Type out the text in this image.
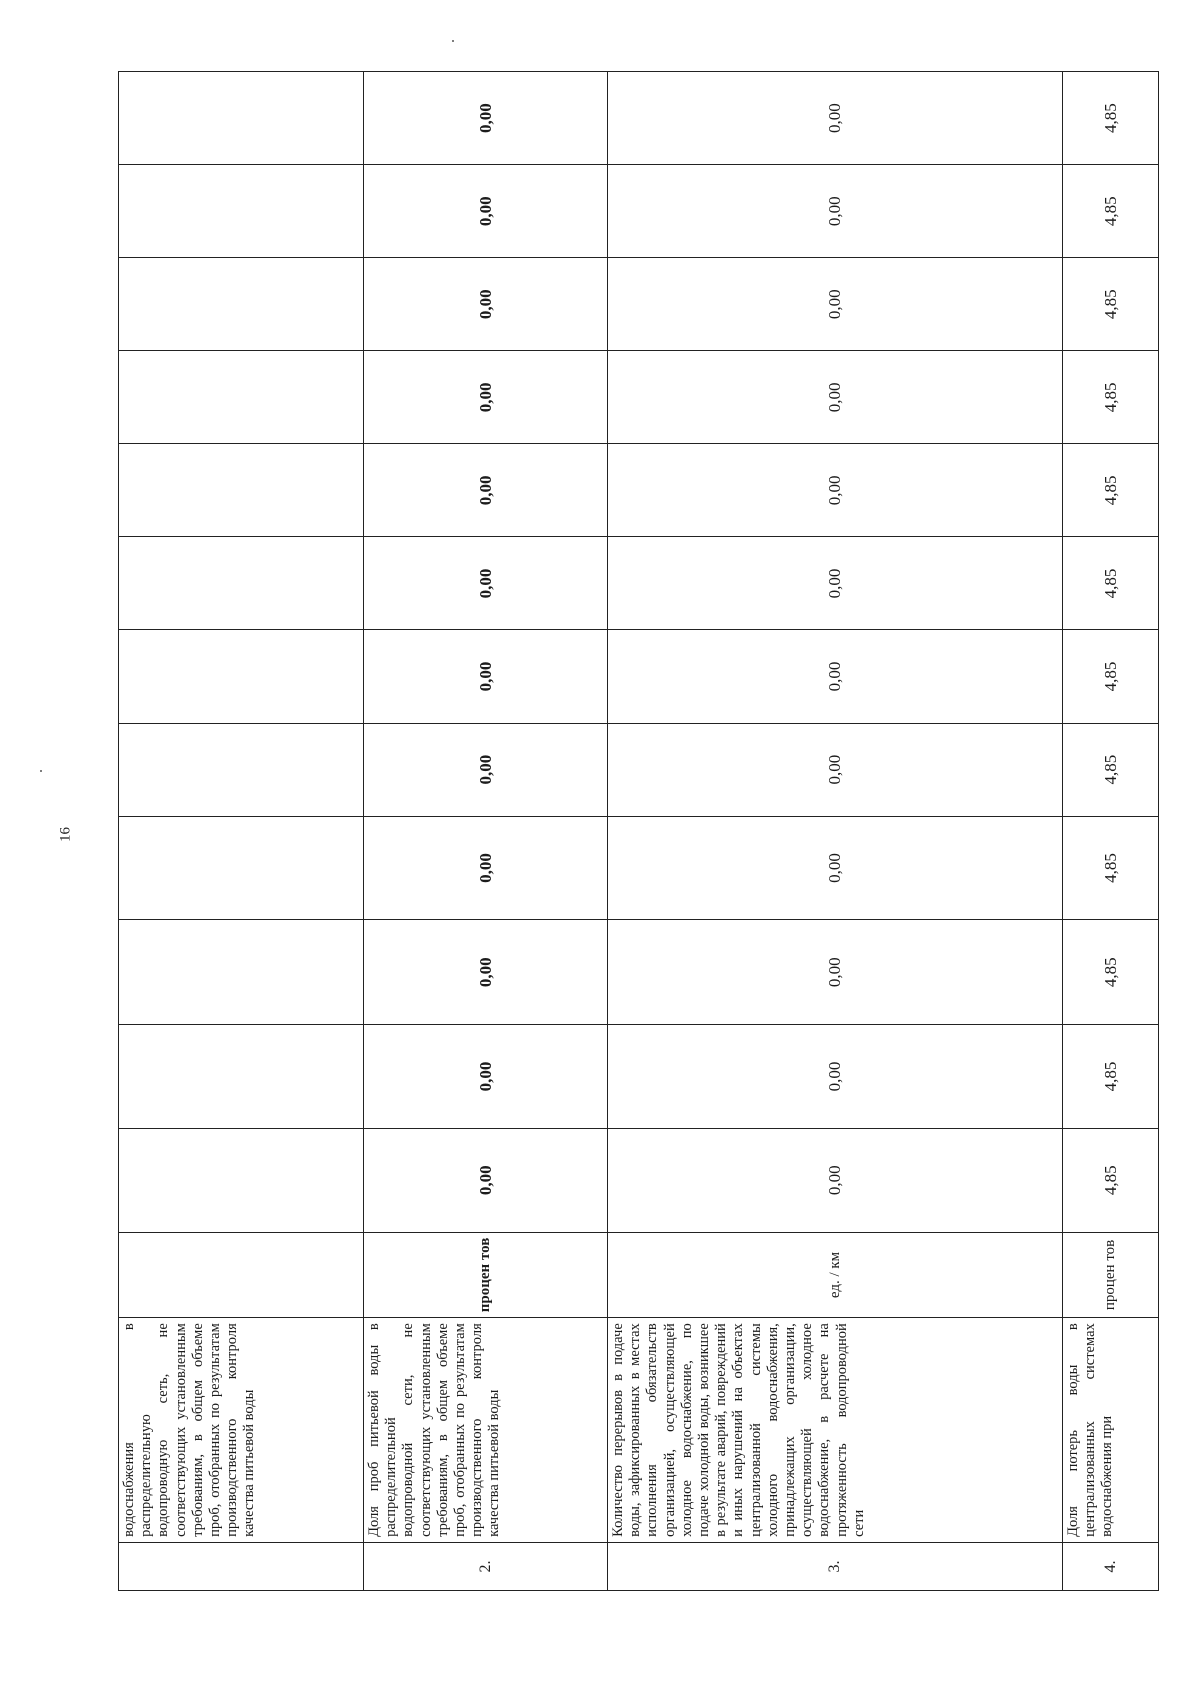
16
	водоснабжения в распределительную водопроводную сеть, не соответствующих установленным требованиям, в общем объеме проб, отобранных по результатам производственного контроля качества питьевой воды													
2.	Доля проб питьевой воды в распределительной водопроводной сети, не соответствующих установленным требованиям, в общем объеме проб, отобранных по результатам производственного контроля качества питьевой воды	процен тов	0,00	0,00	0,00	0,00	0,00	0,00	0,00	0,00	0,00	0,00	0,00	0,00
3.	Количество перерывов в подаче воды, зафиксированных в местах исполнения обязательств организацией, осуществляющей холодное водоснабжение, по подаче холодной воды, возникшее в результате аварий, повреждений и иных нарушений на объектах централизованной системы холодного водоснабжения, принадлежащих организации, осуществляющей холодное водоснабжение, в расчете на протяженность водопроводной сети	ед. / км	0,00	0,00	0,00	0,00	0,00	0,00	0,00	0,00	0,00	0,00	0,00	0,00
4.	Доля потерь воды в централизованных системах водоснабжения при	процен тов	4,85	4,85	4,85	4,85	4,85	4,85	4,85	4,85	4,85	4,85	4,85	4,85
